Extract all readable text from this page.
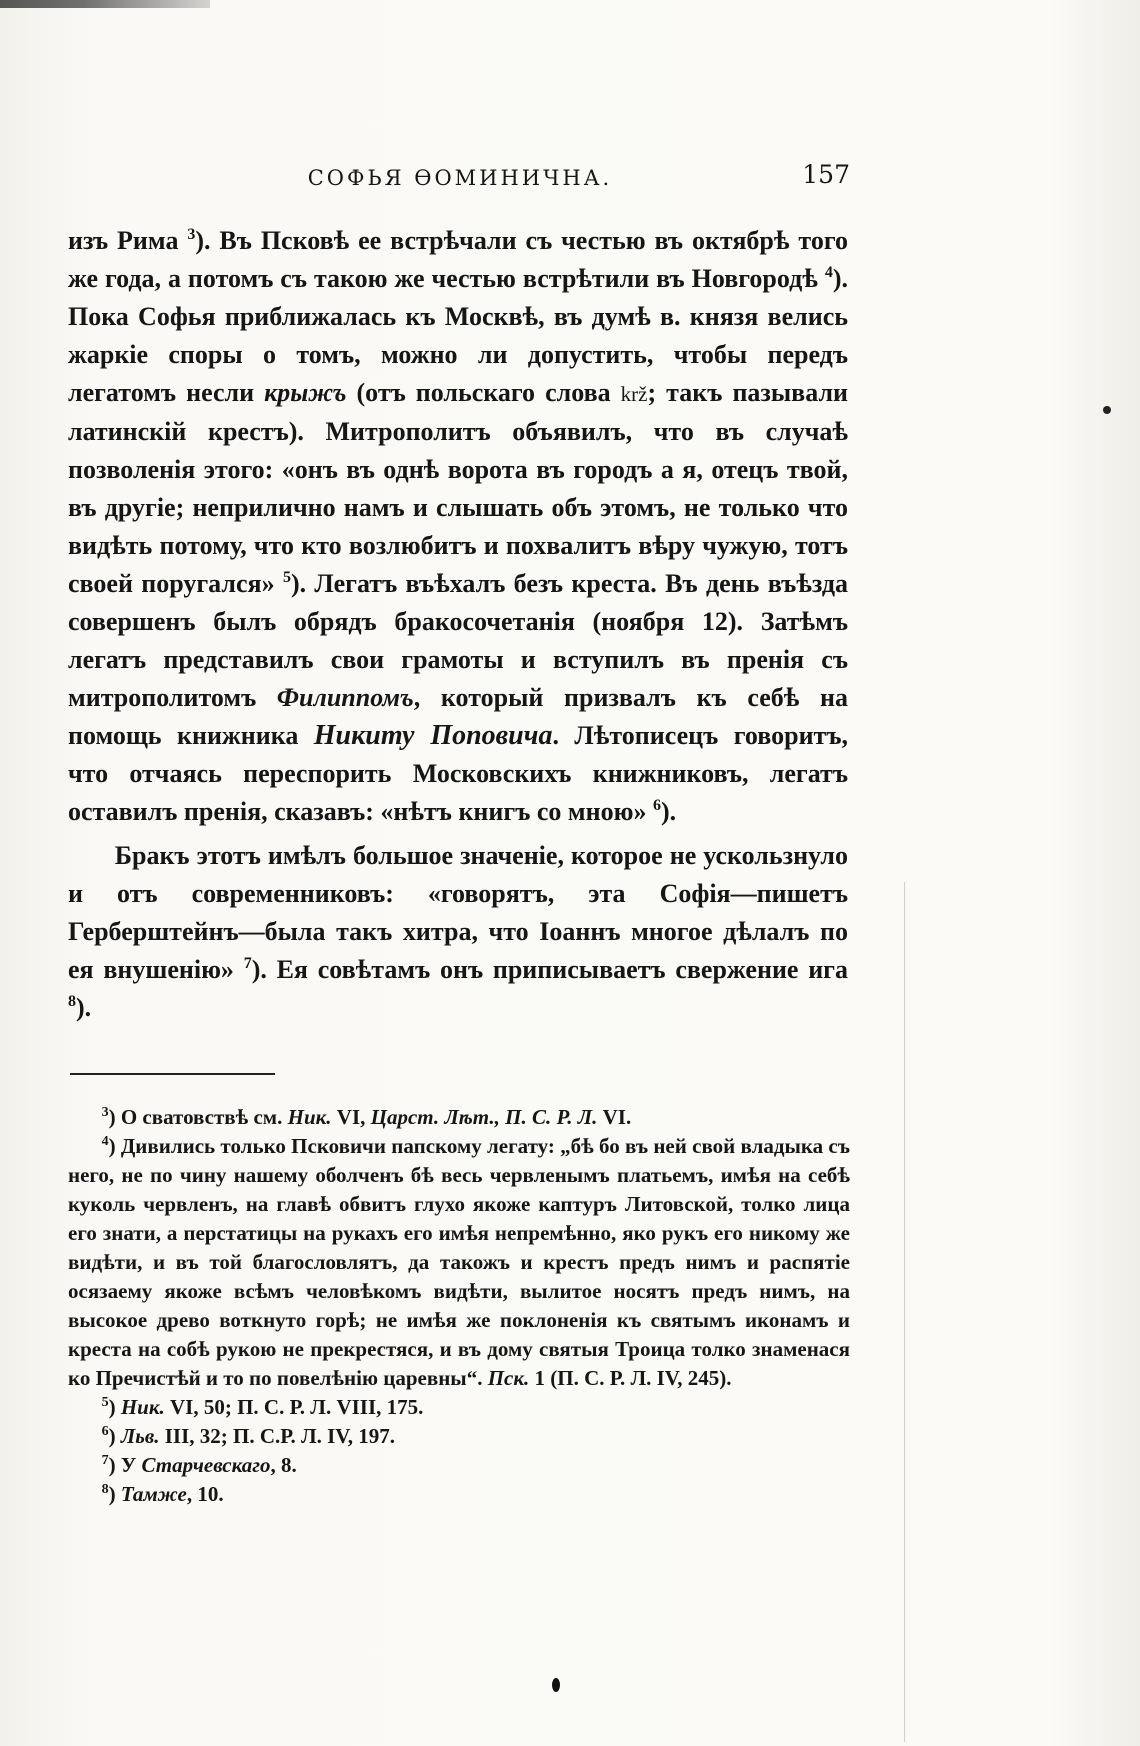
СОФЬЯ ѲОМИНИЧНА.	157

изъ Рима $^3$). Въ Псковѣ ее встрѣчали съ честью въ октябрѣ того же года, а потомъ съ такою же честью встрѣтили въ Новгородѣ $^4$). Пока Софья приближалась къ Москвѣ, въ думѣ в. князя велись жаркіе споры о томъ, можно ли допустить, чтобы передъ легатомъ несли крыжъ (отъ польскаго слова krž; такъ пазывали латинскій крестъ). Митрополитъ объявилъ, что въ случаѣ позволенія этого: «онъ въ однѣ ворота въ городъ а я, отецъ твой, въ другіе; неприлично намъ и слышать объ этомъ, не только что видѣть потому, что кто возлюбитъ и похвалитъ вѣру чужую, тотъ своей поругался» $^5$). Легатъ въѣхалъ безъ креста. Въ день въѣзда совершенъ былъ обрядъ бракосочетанія (ноября 12). Затѣмъ легатъ представилъ свои грамоты и вступилъ въ пренія съ митрополитомъ Филиппомъ, который призвалъ къ себѣ на помощь книжника Никиту Поповича. Лѣтописецъ говоритъ, что отчаясь переспорить Московскихъ книжниковъ, легатъ оставилъ пренія, сказавъ: «нѣтъ книгъ со мною» $^6$).

Бракъ этотъ имѣлъ большое значеніе, которое не ускользнуло и отъ современниковъ: «говорятъ, эта Софія—пишетъ Герберштейнъ—была такъ хитра, что Іоаннъ многое дѣлалъ по ея внушенію» $^7$). Ея совѣтамъ онъ приписываетъ свержение ига $^8$).

$^3$) О сватовствѣ см. Ник. VI, Царст. Лѣт., П. С. Р. Л. VI.

$^4$) Дивились только Псковичи папскому легату: „бѣ бо въ ней свой владыка съ него, не по чину нашему оболченъ бѣ весь червленымъ платьемъ, имѣя на себѣ куколь червленъ, на главѣ обвитъ глухо якоже каптуръ Литовской, толко лица его знати, а перстатицы на рукахъ его имѣя непремѣнно, яко рукъ его никому же видѣти, и въ той благословлятъ, да такожъ и крестъ предъ нимъ и распятіе осязаему якоже всѣмъ человѣкомъ видѣти, вылитое носятъ предъ нимъ, на высокое древо воткнуто горѣ; не имѣя же поклоненія къ святымъ иконамъ и креста на собѣ рукою не прекрестяся, и въ дому святыя Троица толко знаменася ко Пречистѣй и то по повелѣнію царевны“. Пск. 1 (П. С. Р. Л. IV, 245).

$^5$) Ник. VI, 50; П. С. Р. Л. VIII, 175.

$^6$) Льв. III, 32; П. С.Р. Л. IV, 197.

$^7$) У Старчевскаго, 8.

$^8$) Тамже, 10.
